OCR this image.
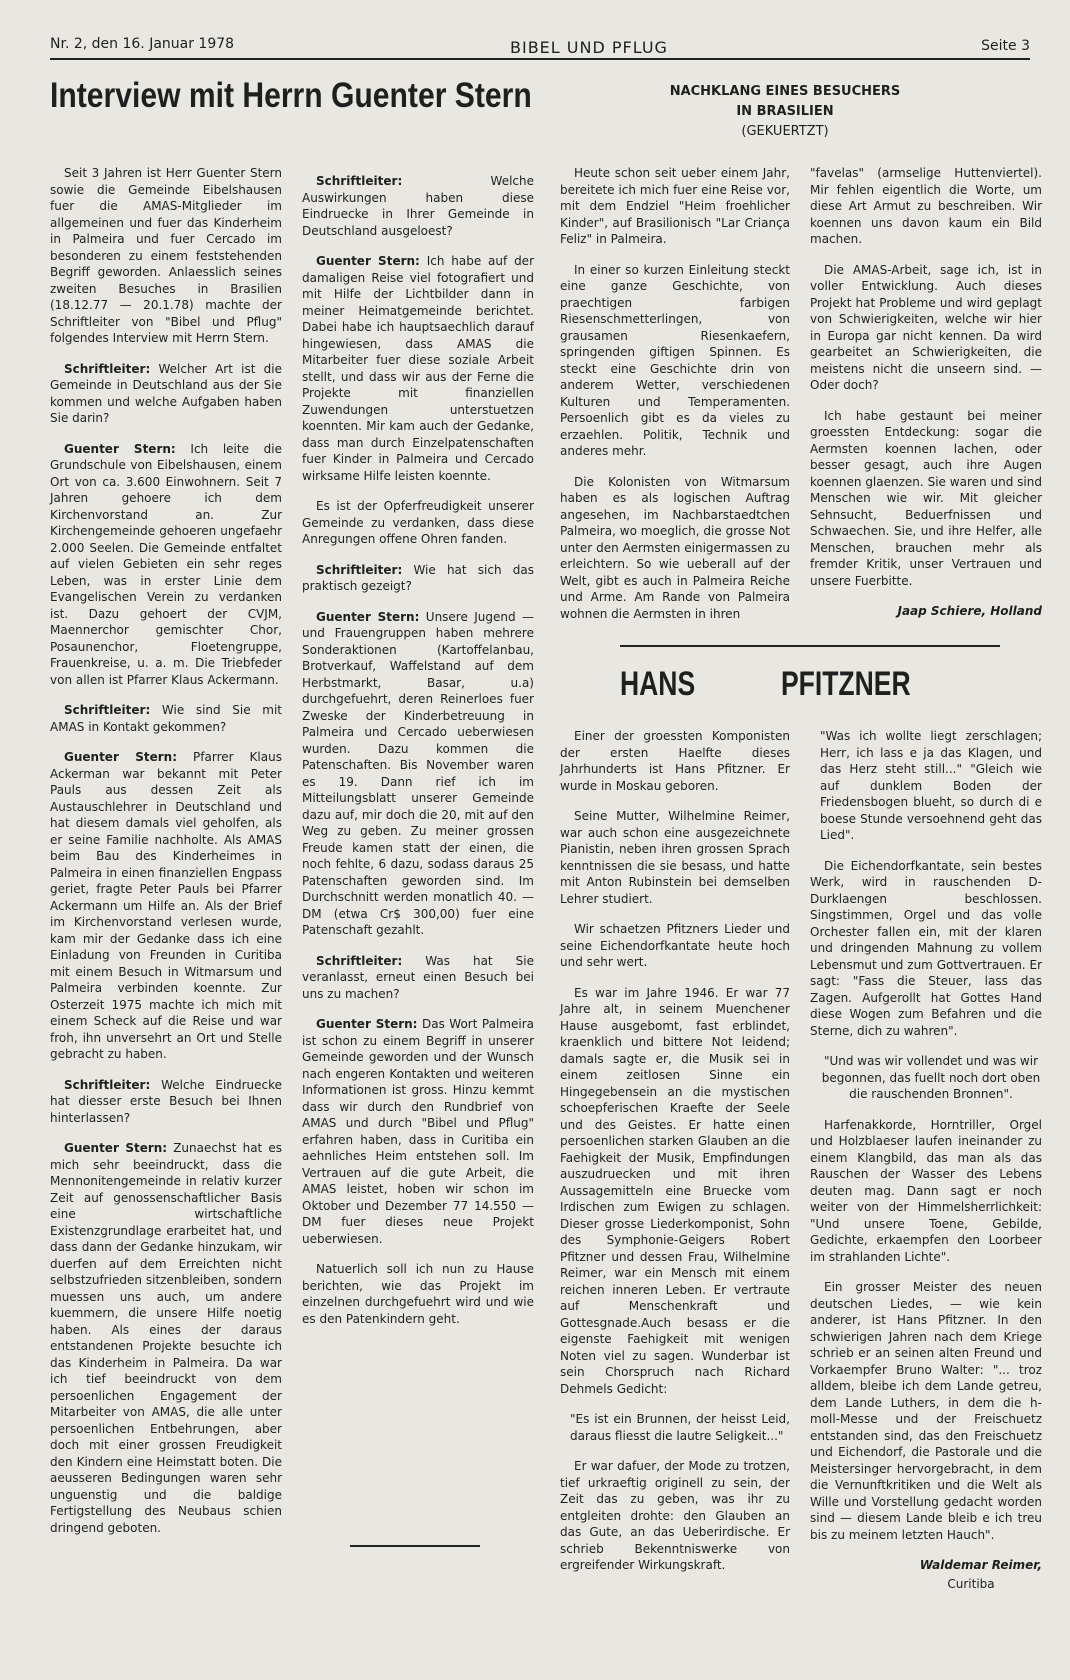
Nr. 2, den 16. Januar 1978	BIBEL UND PFLUG	Seite 3
Interview mit Herrn Guenter Stern	NACHKLANG EINES BESUCHERS IN BRASILIEN
(GEKUERTZT)

Seit 3 Jahren ist Herr Guenter Stern sowie die Gemeinde Eibelshausen fuer die AMAS-Mitglieder im allgemeinen und fuer das Kinderheim in Palmeira und fuer Cercado im besonderen zu einem feststehenden Begriff geworden. Anlaesslich seines zweiten Besuches in Brasilien (18.12.77 — 20.1.78) machte der Schriftleiter von "Bibel und Pflug" folgendes Interview mit Herrn Stern.

Schriftleiter: Welcher Art ist die Gemeinde in Deutschland aus der Sie kommen und welche Aufgaben haben Sie darin?

Guenter Stern: Ich leite die Grundschule von Eibelshausen, einem Ort von ca. 3.600 Einwohnern. Seit 7 Jahren gehoere ich dem Kirchenvorstand an. Zur Kirchengemeinde gehoeren ungefaehr 2.000 Seelen. Die Gemeinde entfaltet auf vielen Gebieten ein sehr reges Leben, was in erster Linie dem Evangelischen Verein zu verdanken ist. Dazu gehoert der CVJM, Maennerchor gemischter Chor, Posaunenchor, Floetengruppe, Frauenkreise, u. a. m. Die Triebfeder von allen ist Pfarrer Klaus Ackermann.

Schriftleiter: Wie sind Sie mit AMAS in Kontakt gekommen?

Guenter Stern: Pfarrer Klaus Ackerman war bekannt mit Peter Pauls aus dessen Zeit als Austauschlehrer in Deutschland und hat diesem damals viel geholfen, als er seine Familie nachholte. Als AMAS beim Bau des Kinderheimes in Palmeira in einen finanziellen Engpass geriet, fragte Peter Pauls bei Pfarrer Ackermann um Hilfe an. Als der Brief im Kirchenvorstand verlesen wurde, kam mir der Gedanke dass ich eine Einladung von Freunden in Curitiba mit einem Besuch in Witmarsum und Palmeira verbinden koennte. Zur Osterzeit 1975 machte ich mich mit einem Scheck auf die Reise und war froh, ihn unversehrt an Ort und Stelle gebracht zu haben.

Schriftleiter: Welche Eindruecke hat diesser erste Besuch bei Ihnen hinterlassen?

Guenter Stern: Zunaechst hat es mich sehr beeindruckt, dass die Mennonitengemeinde in relativ kurzer Zeit auf genossenschaftlicher Basis eine wirtschaftliche Existenzgrundlage erarbeitet hat, und dass dann der Gedanke hinzukam, wir duerfen auf dem Erreichten nicht selbstzufrieden sitzenbleiben, sondern muessen uns auch, um andere kuemmern, die unsere Hilfe noetig haben. Als eines der daraus entstandenen Projekte besuchte ich das Kinderheim in Palmeira. Da war ich tief beeindruckt von dem persoenlichen Engagement der Mitarbeiter von AMAS, die alle unter persoenlichen Entbehrungen, aber doch mit einer grossen Freudigkeit den Kindern eine Heimstatt boten. Die aeusseren Bedingungen waren sehr unguenstig und die baldige Fertigstellung des Neubaus schien dringend geboten.

Schriftleiter:	Welche Auswirkungen haben diese Eindruecke in Ihrer Gemeinde in Deutschland ausgeloest?

Guenter Stern: Ich habe auf der damaligen Reise viel fotografiert und mit Hilfe der Lichtbilder dann in meiner Heimatgemeinde berichtet. Dabei habe ich hauptsaechlich darauf hingewiesen, dass AMAS die Mitarbeiter fuer diese soziale Arbeit stellt, und dass wir aus der Ferne die Projekte mit finanziellen Zuwendungen unterstuetzen koennten. Mir kam auch der Gedanke, dass man durch Einzelpatenschaften fuer Kinder in Palmeira und Cercado wirksame Hilfe leisten koennte.

Es ist der Opferfreudigkeit unserer Gemeinde zu verdanken, dass diese Anregungen offene Ohren fanden.

Schriftleiter: Wie hat sich das praktisch gezeigt?

Guenter Stern: Unsere Jugend — und Frauengruppen haben mehrere Sonderaktionen (Kartoffelanbau, Brotverkauf, Waffelstand auf dem Herbstmarkt, Basar, u.a) durchgefuehrt, deren Reinerloes fuer Zweske der Kinderbetreuung in Palmeira und Cercado ueberwiesen wurden. Dazu kommen die Patenschaften. Bis November waren es 19. Dann rief ich im Mitteilungsblatt unserer Gemeinde dazu auf, mir doch die 20, mit auf den Weg zu geben. Zu meiner grossen Freude kamen statt der einen, die noch fehlte, 6 dazu, sodass daraus 25 Patenschaften geworden sind. Im Durchschnitt werden monatlich 40. — DM (etwa Cr$ 300,00) fuer eine Patenschaft gezahlt.

Schriftleiter: Was hat Sie veranlasst, erneut einen Besuch bei uns zu machen?

Guenter Stern: Das Wort Palmeira ist schon zu einem Begriff in unserer Gemeinde geworden und der Wunsch nach engeren Kontakten und weiteren Informationen ist gross. Hinzu kemmt dass wir durch den Rundbrief von AMAS und durch "Bibel und Pflug" erfahren haben, dass in Curitiba ein aehnliches Heim entstehen soll. Im Vertrauen auf die gute Arbeit, die AMAS leistet, hoben wir schon im Oktober und Dezember 77 14.550 — DM fuer dieses neue Projekt ueberwiesen.

Natuerlich soll ich nun zu Hause berichten, wie das Projekt im einzelnen durchgefuehrt wird und wie es den Patenkindern geht.

Heute schon seit ueber einem Jahr, bereitete ich mich fuer eine Reise vor, mit dem Endziel "Heim froehlicher Kinder", auf Brasilionisch "Lar Criança Feliz" in Palmeira.

In einer so kurzen Einleitung steckt eine ganze Geschichte, von praechtigen farbigen Riesenschmetterlingen, von grausamen Riesenkaefern, springenden giftigen Spinnen. Es steckt eine Geschichte drin von anderem Wetter, verschiedenen Kulturen und Temperamenten. Persoenlich gibt es da vieles zu erzaehlen. Politik, Technik und anderes mehr.

Die Kolonisten von Witmarsum haben es als logischen Auftrag angesehen, im Nachbarstaedtchen Palmeira, wo moeglich, die grosse Not unter den Aermsten einigermassen zu erleichtern. So wie ueberall auf der Welt, gibt es auch in Palmeira Reiche und Arme. Am Rande von Palmeira wohnen die Aermsten in ihren

"favelas" (armselige Huttenviertel). Mir fehlen eigentlich die Worte, um diese Art Armut zu beschreiben. Wir koennen uns davon kaum ein Bild machen.

Die AMAS-Arbeit, sage ich, ist in voller Entwicklung. Auch dieses Projekt hat Probleme und wird geplagt von Schwierigkeiten, welche wir hier in Europa gar nicht kennen. Da wird gearbeitet an Schwierigkeiten, die meistens nicht die unseern sind. — Oder doch?

Ich habe gestaunt bei meiner groessten Entdeckung: sogar die Aermsten koennen lachen, oder besser gesagt, auch ihre Augen koennen glaenzen. Sie waren und sind Menschen wie wir. Mit gleicher Sehnsucht, Beduerfnissen und Schwaechen. Sie, und ihre Helfer, alle Menschen, brauchen mehr als fremder Kritik, unser Vertrauen und unsere Fuerbitte.

Jaap Schiere, Holland

HANS	PFITZNER

Einer der groessten Komponisten der ersten Haelfte dieses Jahrhunderts ist Hans Pfitzner. Er wurde in Moskau geboren.

Seine Mutter, Wilhelmine Reimer, war auch schon eine ausgezeichnete Pianistin, neben ihren grossen Sprach kenntnissen die sie besass, und hatte mit Anton Rubinstein bei demselben Lehrer studiert.

Wir schaetzen Pfitzners Lieder und seine Eichendorfkantate heute hoch und sehr wert.

Es war im Jahre 1946. Er war 77 Jahre alt, in seinem Muenchener Hause ausgebomt, fast erblindet, kraenklich und bittere Not leidend; damals sagte er, die Musik sei in einem zeitlosen Sinne ein Hingegebensein an die mystischen schoepferischen Kraefte der Seele und des Geistes. Er hatte einen persoenlichen starken Glauben an die Faehigkeit der Musik, Empfindungen auszudruecken und mit ihren Aussagemitteln eine Bruecke vom Irdischen zum Ewigen zu schlagen. Dieser grosse Liederkomponist, Sohn des Symphonie-Geigers Robert Pfitzner und dessen Frau, Wilhelmine Reimer, war ein Mensch mit einem reichen inneren Leben. Er vertraute auf Menschenkraft und Gottesgnade.Auch besass er die eigenste Faehigkeit mit wenigen Noten viel zu sagen. Wunderbar ist sein Chorspruch nach Richard Dehmels Gedicht:

"Es ist ein Brunnen, der heisst Leid, daraus fliesst die lautre Seligkeit..."

Er war dafuer, der Mode zu trotzen, tief urkraeftig originell zu sein, der Zeit das zu geben, was ihr zu entgleiten drohte: den Glauben an das Gute, an das Ueberirdische. Er schrieb Bekenntniswerke von ergreifender Wirkungskraft.

"Was ich wollte liegt zerschlagen; Herr, ich lass e ja das Klagen, und das Herz steht still..." "Gleich wie auf dunklem Boden der Friedensbogen blueht, so durch di e boese Stunde versoehnend geht das Lied".

Die Eichendorfkantate, sein bestes Werk, wird in rauschenden D-Durklaengen beschlossen. Singstimmen, Orgel und das volle Orchester fallen ein, mit der klaren und dringenden Mahnung zu vollem Lebensmut und zum Gottvertrauen. Er sagt: "Fass die Steuer, lass das Zagen. Aufgerollt hat Gottes Hand diese Wogen zum Befahren und die Sterne, dich zu wahren".

"Und was wir vollendet und was wir begonnen, das fuellt noch dort oben die rauschenden Bronnen".

Harfenakkorde, Horntriller, Orgel und Holzblaeser laufen ineinander zu einem Klangbild, das man als das Rauschen der Wasser des Lebens deuten mag. Dann sagt er noch weiter von der Himmelsherrlichkeit: "Und unsere Toene, Gebilde, Gedichte, erkaempfen den Loorbeer im strahlanden Lichte".

Ein grosser Meister des neuen deutschen Liedes, — wie kein anderer, ist Hans Pfitzner. In den schwierigen Jahren nach dem Kriege schrieb er an seinen alten Freund und Vorkaempfer Bruno Walter: "... troz alldem, bleibe ich dem Lande getreu, dem Lande Luthers, in dem die h-moll-Messe und der Freischuetz entstanden sind, das den Freischuetz und Eichendorf, die Pastorale und die Meistersinger hervorgebracht, in dem die Vernunftkritiken und die Welt als Wille und Vorstellung gedacht worden sind — diesem Lande bleib e ich treu bis zu meinem letzten Hauch".

Waldemar Reimer,

Curitiba
